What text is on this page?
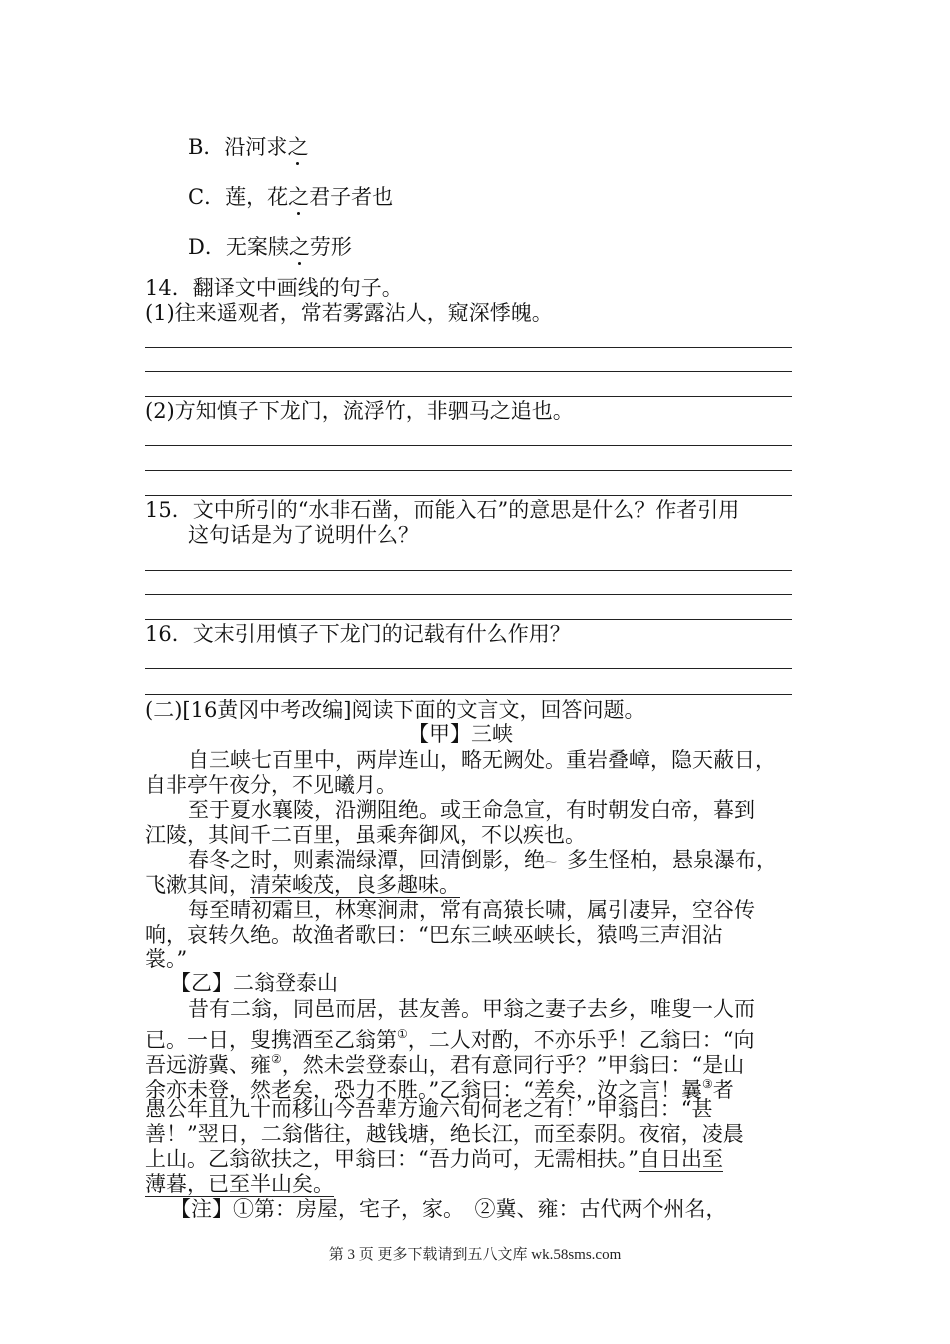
B．沿河求之
C．莲，花之君子者也
D．无案牍之劳形
14．翻译文中画线的句子。
(1)往来遥观者，常若雾露沾人，窥深悸魄。
(2)方知慎子下龙门，流浮竹，非驷马之追也。
15．文中所引的“水非石凿，而能入石”的意思是什么？作者引用
这句话是为了说明什么？
16．文末引用慎子下龙门的记载有什么作用？
(二)[16黄冈中考改编]阅读下面的文言文，回答问题。
【甲】三峡
自三峡七百里中，两岸连山，略无阙处。重岩叠嶂，隐天蔽日，
自非亭午夜分，不见曦月。
至于夏水襄陵，沿溯阻绝。或王命急宣，有时朝发白帝，暮到
江陵，其间千二百里，虽乘奔御风，不以疾也。
春冬之时，则素湍绿潭，回清倒影，绝⁓ 多生怪柏，悬泉瀑布，
飞漱其间，清荣峻茂，良多趣味。
每至晴初霜旦，林寒涧肃，常有高猿长啸，属引凄异，空谷传
响，哀转久绝。故渔者歌曰：“巴东三峡巫峡长，猿鸣三声泪沾
裳。”
【乙】二翁登泰山
昔有二翁，同邑而居，甚友善。甲翁之妻子去乡，唯叟一人而
已。一日，叟携酒至乙翁第①，二人对酌，不亦乐乎！乙翁曰：“向
吾远游冀、雍②，然未尝登泰山，君有意同行乎？”甲翁曰：“是山
余亦未登，然老矣，恐力不胜。”乙翁曰：“差矣，汝之言！曩③者
愚公年且九十而移山今吾辈方逾六旬何老之有！”甲翁曰：“甚
善！”翌日，二翁偕往，越钱塘，绝长江，而至泰阴。夜宿，凌晨
上山。乙翁欲扶之，甲翁曰：“吾力尚可，无需相扶。”自日出至
薄暮，已至半山矣。
【注】①第：房屋，宅子，家。　②冀、雍：古代两个州名，
第 3 页 更多下载请到五八文库 wk.58sms.com
